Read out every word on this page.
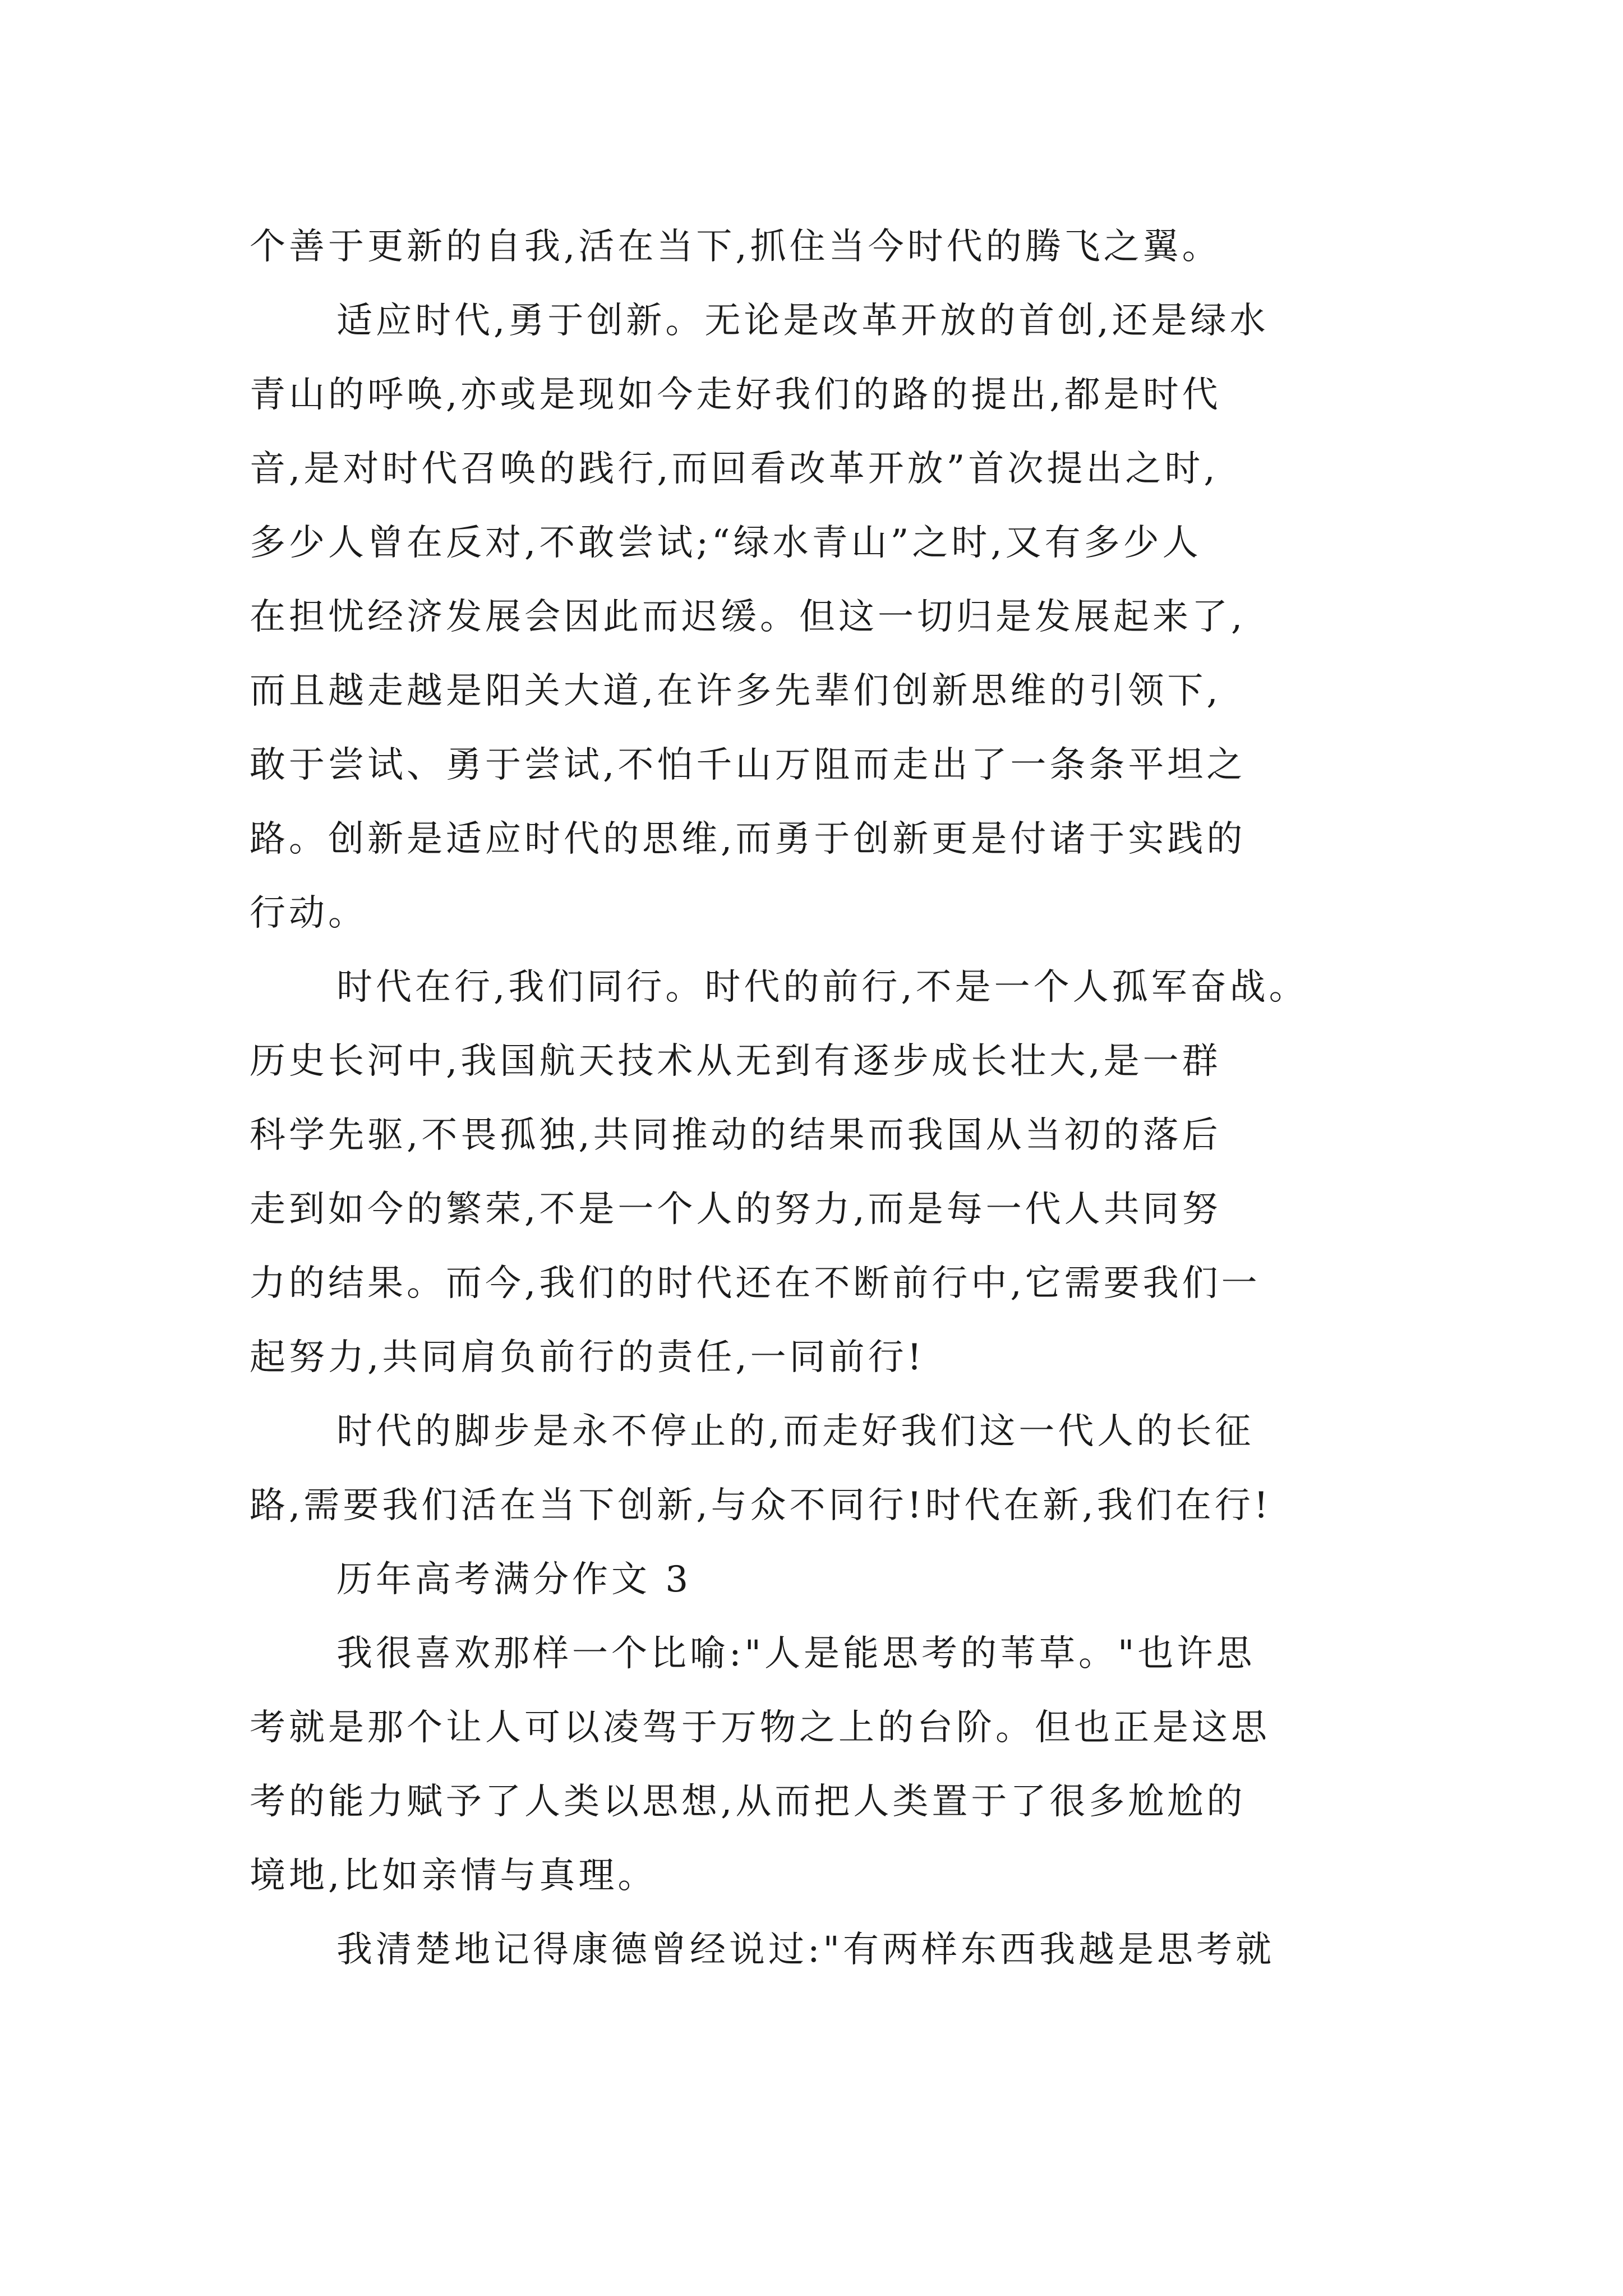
个善于更新的自我,活在当下,抓住当今时代的腾飞之翼。
适应时代,勇于创新。无论是改革开放的首创,还是绿水
青山的呼唤,亦或是现如今走好我们的路的提出,都是时代
音,是对时代召唤的践行,而回看改革开放”首次提出之时,
多少人曾在反对,不敢尝试;“绿水青山”之时,又有多少人
在担忧经济发展会因此而迟缓。但这一切归是发展起来了,
而且越走越是阳关大道,在许多先辈们创新思维的引领下,
敢于尝试、勇于尝试,不怕千山万阻而走出了一条条平坦之
路。创新是适应时代的思维,而勇于创新更是付诸于实践的
行动。
时代在行,我们同行。时代的前行,不是一个人孤军奋战。
历史长河中,我国航天技术从无到有逐步成长壮大,是一群
科学先驱,不畏孤独,共同推动的结果而我国从当初的落后
走到如今的繁荣,不是一个人的努力,而是每一代人共同努
力的结果。而今,我们的时代还在不断前行中,它需要我们一
起努力,共同肩负前行的责任,一同前行!
时代的脚步是永不停止的,而走好我们这一代人的长征
路,需要我们活在当下创新,与众不同行!时代在新,我们在行!
历年高考满分作文 3
我很喜欢那样一个比喻:"人是能思考的苇草。"也许思
考就是那个让人可以凌驾于万物之上的台阶。但也正是这思
考的能力赋予了人类以思想,从而把人类置于了很多尬尬的
境地,比如亲情与真理。
我清楚地记得康德曾经说过:"有两样东西我越是思考就
